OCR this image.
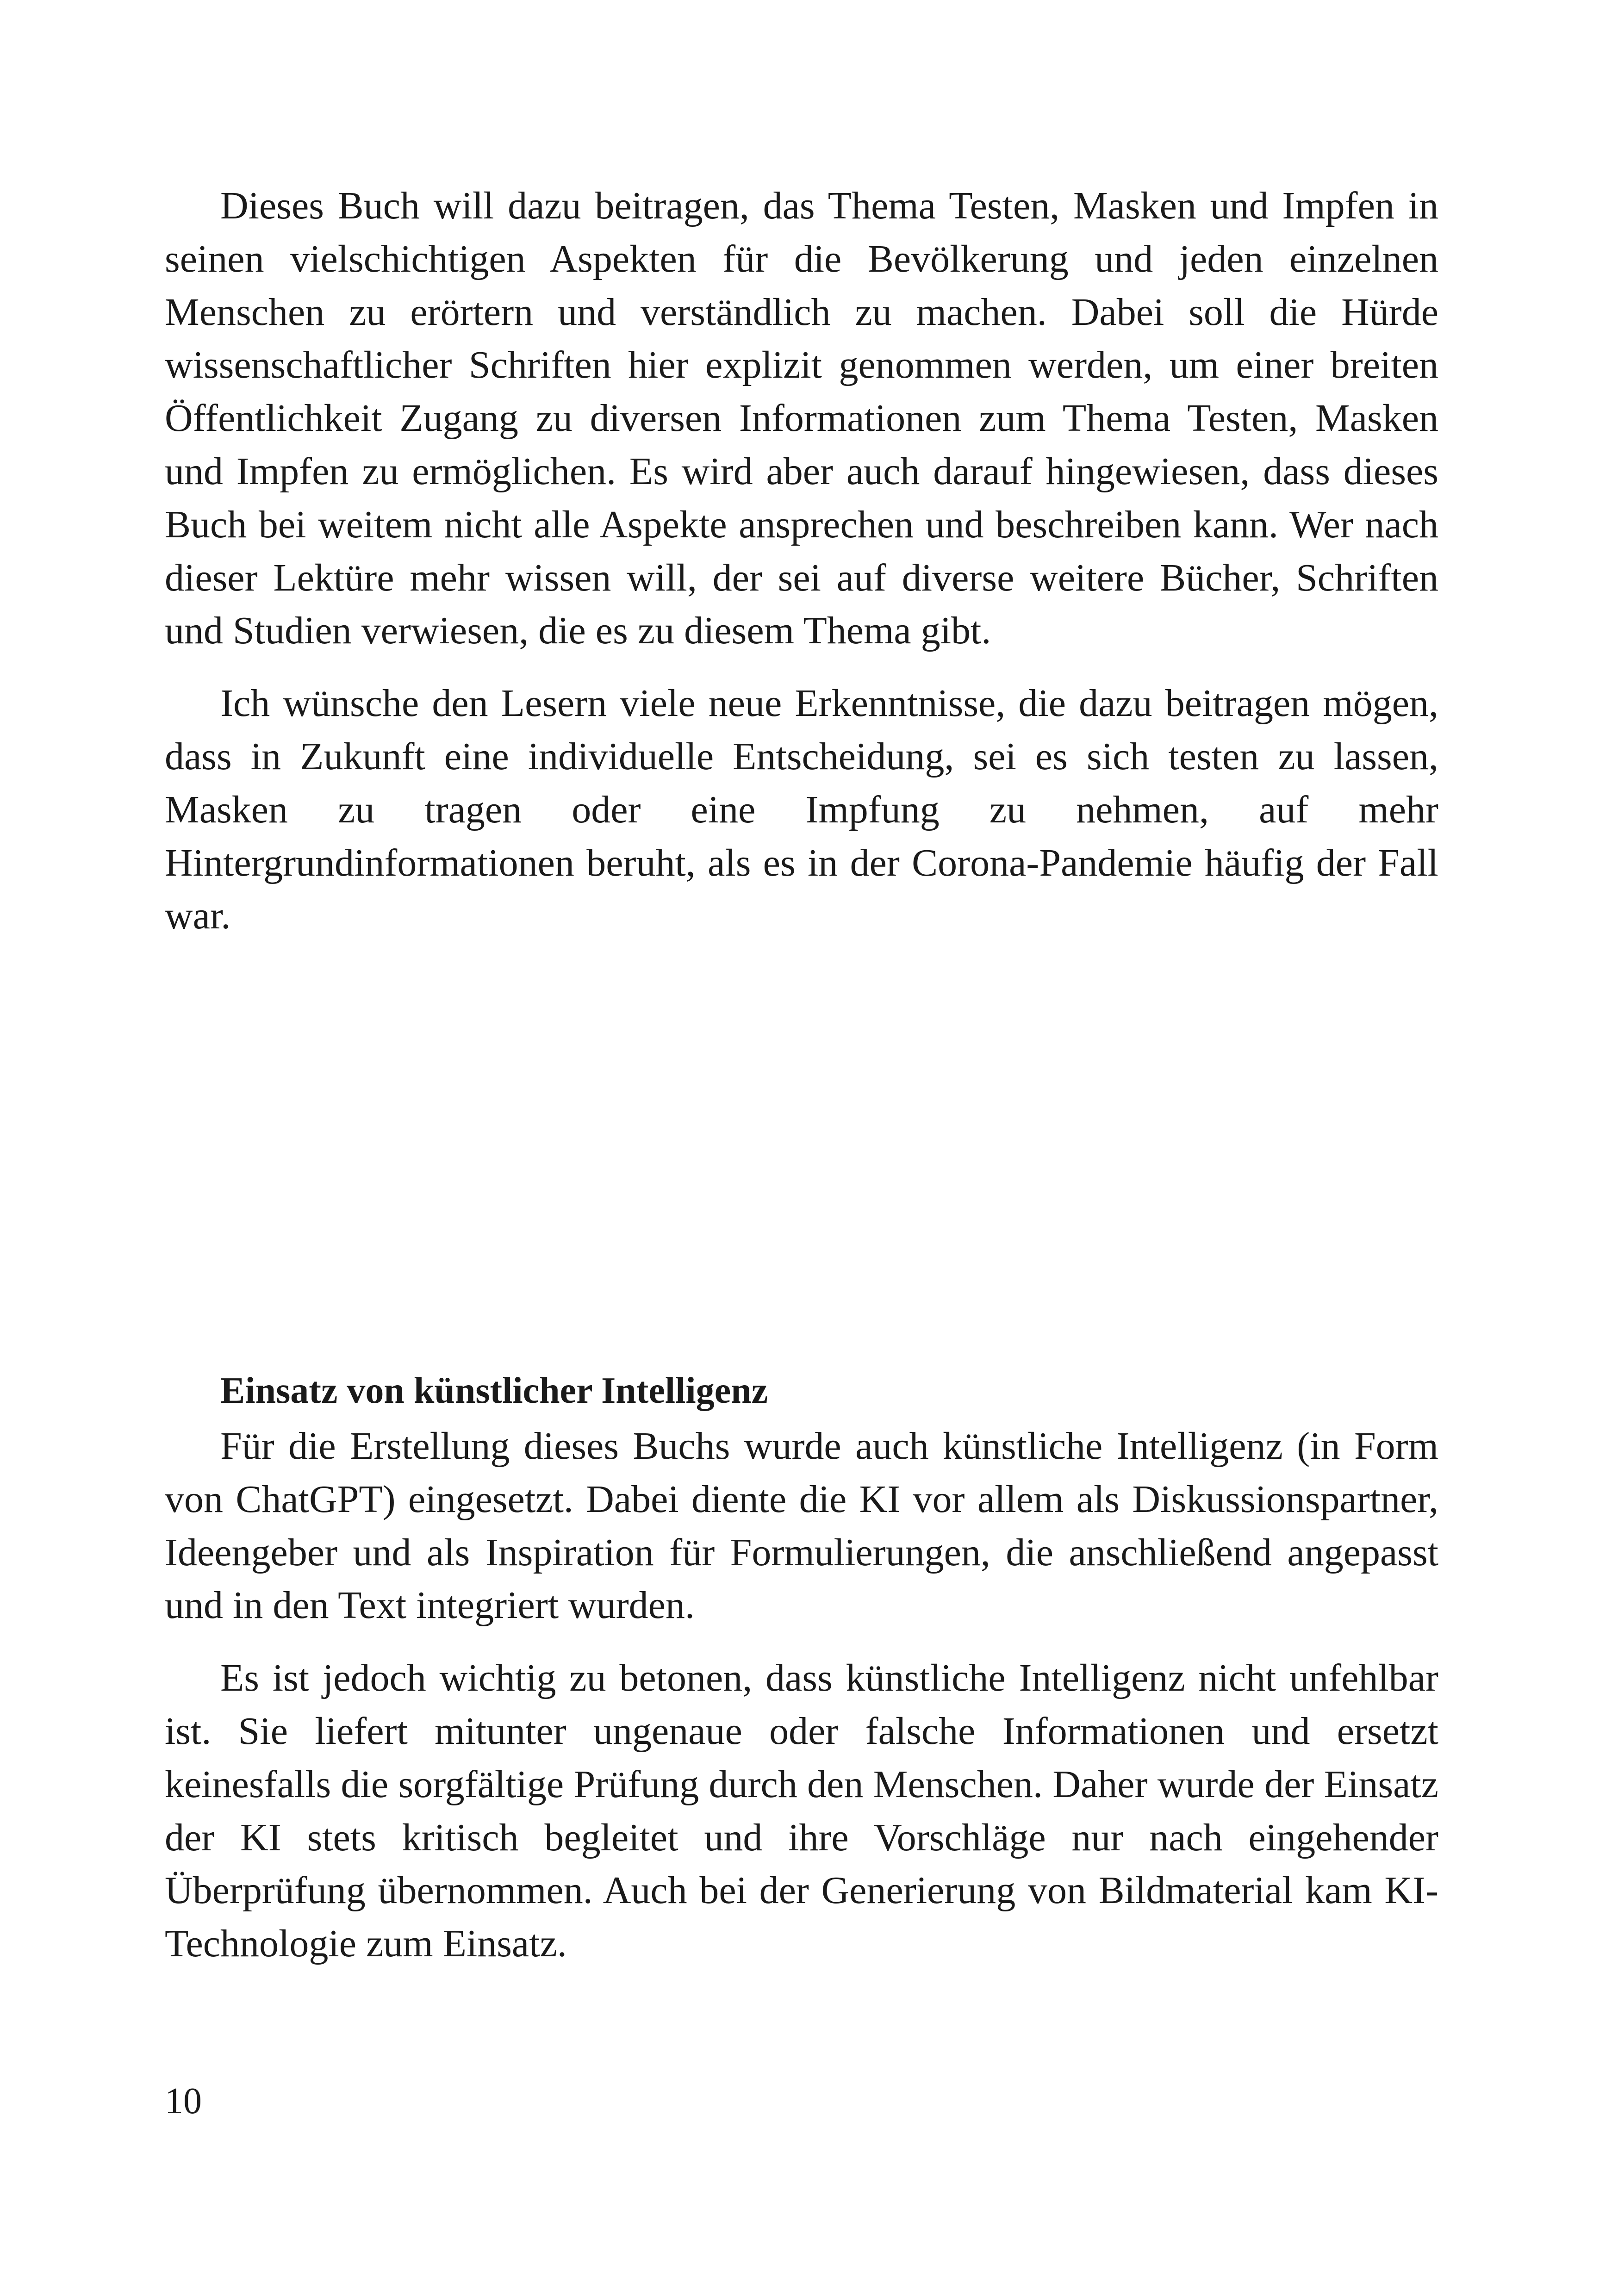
Dieses Buch will dazu beitragen, das Thema Testen, Masken und Impfen in seinen vielschichtigen Aspekten für die Bevölkerung und jeden einzelnen Menschen zu erörtern und verständlich zu machen. Dabei soll die Hürde wissenschaftlicher Schriften hier explizit genommen werden, um einer breiten Öffentlichkeit Zugang zu diversen Informationen zum Thema Testen, Masken und Impfen zu ermöglichen. Es wird aber auch darauf hingewiesen, dass dieses Buch bei weitem nicht alle Aspekte ansprechen und beschreiben kann. Wer nach dieser Lektüre mehr wissen will, der sei auf diverse weitere Bücher, Schriften und Studien verwiesen, die es zu diesem Thema gibt.

Ich wünsche den Lesern viele neue Erkenntnisse, die dazu beitragen mögen, dass in Zukunft eine individuelle Entscheidung, sei es sich testen zu lassen, Masken zu tragen oder eine Impfung zu nehmen, auf mehr Hintergrundinformationen beruht, als es in der Corona-Pandemie häufig der Fall war.

Einsatz von künstlicher Intelligenz

Für die Erstellung dieses Buchs wurde auch künstliche Intelligenz (in Form von ChatGPT) eingesetzt. Dabei diente die KI vor allem als Diskussionspartner, Ideengeber und als Inspiration für Formulierungen, die anschließend angepasst und in den Text integriert wurden.

Es ist jedoch wichtig zu betonen, dass künstliche Intelligenz nicht unfehlbar ist. Sie liefert mitunter ungenaue oder falsche Informationen und ersetzt keinesfalls die sorgfältige Prüfung durch den Menschen. Daher wurde der Einsatz der KI stets kritisch begleitet und ihre Vorschläge nur nach eingehender Überprüfung übernommen. Auch bei der Generierung von Bildmaterial kam KI-Technologie zum Einsatz.

10
